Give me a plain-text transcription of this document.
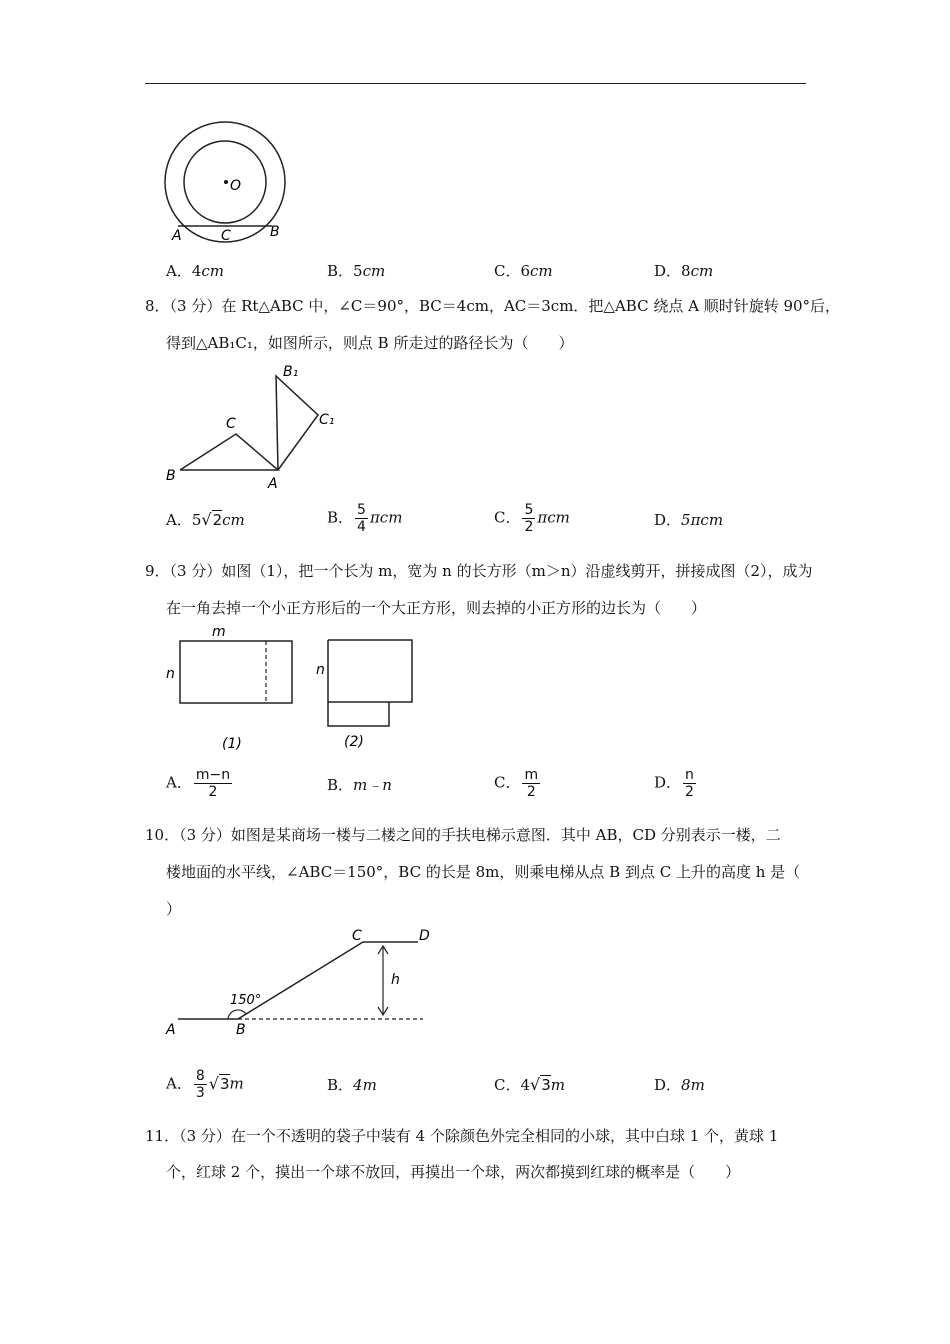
O
A	C	B
A．4cm	B．5cm	C．6cm	D．8cm
8．（3 分）在 Rt△ABC 中，∠C＝90°，BC＝4cm，AC＝3cm．把△ABC 绕点 A 顺时针旋转 90°后，
得到△AB₁C₁，如图所示，则点 B 所走过的路径长为（　　）
B
C
A
B₁
C₁
A．5√2cm	B． $\frac{5}{4}$ πcm	C． $\frac{5}{2}$ πcm	D．5πcm
9．（3 分）如图（1），把一个长为 m，宽为 n 的长方形（m＞n）沿虚线剪开，拼接成图（2），成为
在一角去掉一个小正方形后的一个大正方形，则去掉的小正方形的边长为（　　）
m
n
(1)
n
(2)
A． $\frac{m-n}{2}$	B．m﹣n	C． $\frac{m}{2}$	D． $\frac{n}{2}$
10．（3 分）如图是某商场一楼与二楼之间的手扶电梯示意图．其中 AB，CD 分别表示一楼，二
楼地面的水平线，∠ABC＝150°，BC 的长是 8m，则乘电梯从点 B 到点 C 上升的高度 h 是（
）
150°
A	B
C	D
h
A． $\frac{8}{3} √3m$	B．4m	C．4√3m	D．8m
11．（3 分）在一个不透明的袋子中装有 4 个除颜色外完全相同的小球，其中白球 1 个，黄球 1
个，红球 2 个，摸出一个球不放回，再摸出一个球，两次都摸到红球的概率是（　　）
